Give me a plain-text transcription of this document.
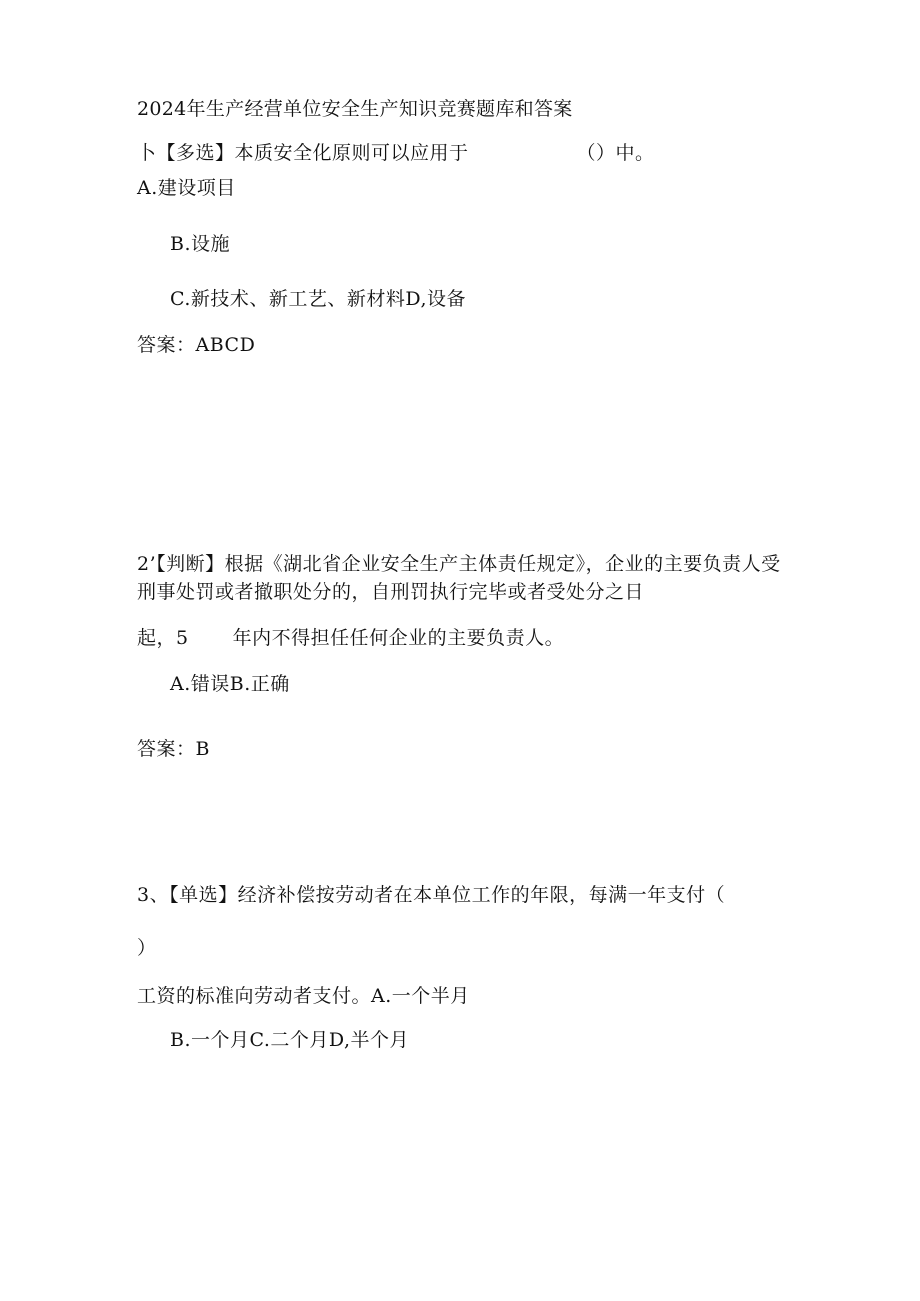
2024年生产经营单位安全生产知识竞赛题库和答案
卜【多选】本质安全化原则可以应用于	（）中。
A.建设项目
B.设施
C.新技术、新工艺、新材料D,设备
答案：ABCD
2’【判断】根据《湖北省企业安全生产主体责任规定》，企业的主要负责人受
刑事处罚或者撤职处分的，自刑罚执行完毕或者受处分之日
起，5 年内不得担任任何企业的主要负责人。
A.错误B.正确
答案：B
3、【单选】经济补偿按劳动者在本单位工作的年限，每满一年支付（
）
工资的标准向劳动者支付。A.一个半月
B.一个月C.二个月D,半个月
